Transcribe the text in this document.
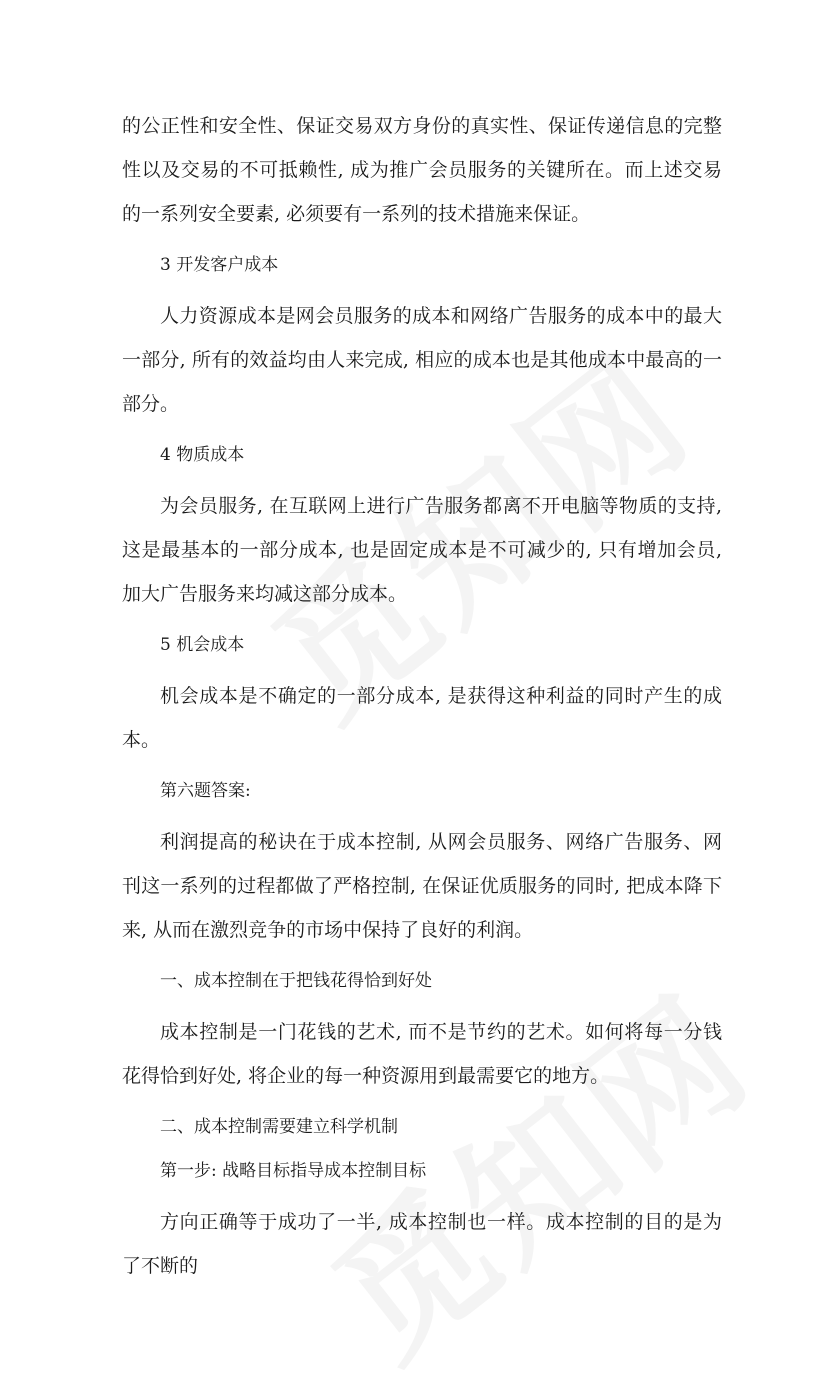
的公正性和安全性、保证交易双方身份的真实性、保证传递信息的完整性以及交易的不可抵赖性, 成为推广会员服务的关键所在。而上述交易的一系列安全要素, 必须要有一系列的技术措施来保证。

3 开发客户成本

人力资源成本是网会员服务的成本和网络广告服务的成本中的最大一部分, 所有的效益均由人来完成, 相应的成本也是其他成本中最高的一部分。

4 物质成本

为会员服务, 在互联网上进行广告服务都离不开电脑等物质的支持, 这是最基本的一部分成本, 也是固定成本是不可减少的, 只有增加会员, 加大广告服务来均减这部分成本。

5 机会成本

机会成本是不确定的一部分成本, 是获得这种利益的同时产生的成本。

第六题答案:

利润提高的秘诀在于成本控制, 从网会员服务、网络广告服务、网刊这一系列的过程都做了严格控制, 在保证优质服务的同时, 把成本降下来, 从而在激烈竞争的市场中保持了良好的利润。

一、成本控制在于把钱花得恰到好处

成本控制是一门花钱的艺术, 而不是节约的艺术。如何将每一分钱花得恰到好处, 将企业的每一种资源用到最需要它的地方。

二、成本控制需要建立科学机制
第一步: 战略目标指导成本控制目标

方向正确等于成功了一半, 成本控制也一样。成本控制的目的是为了不断的
